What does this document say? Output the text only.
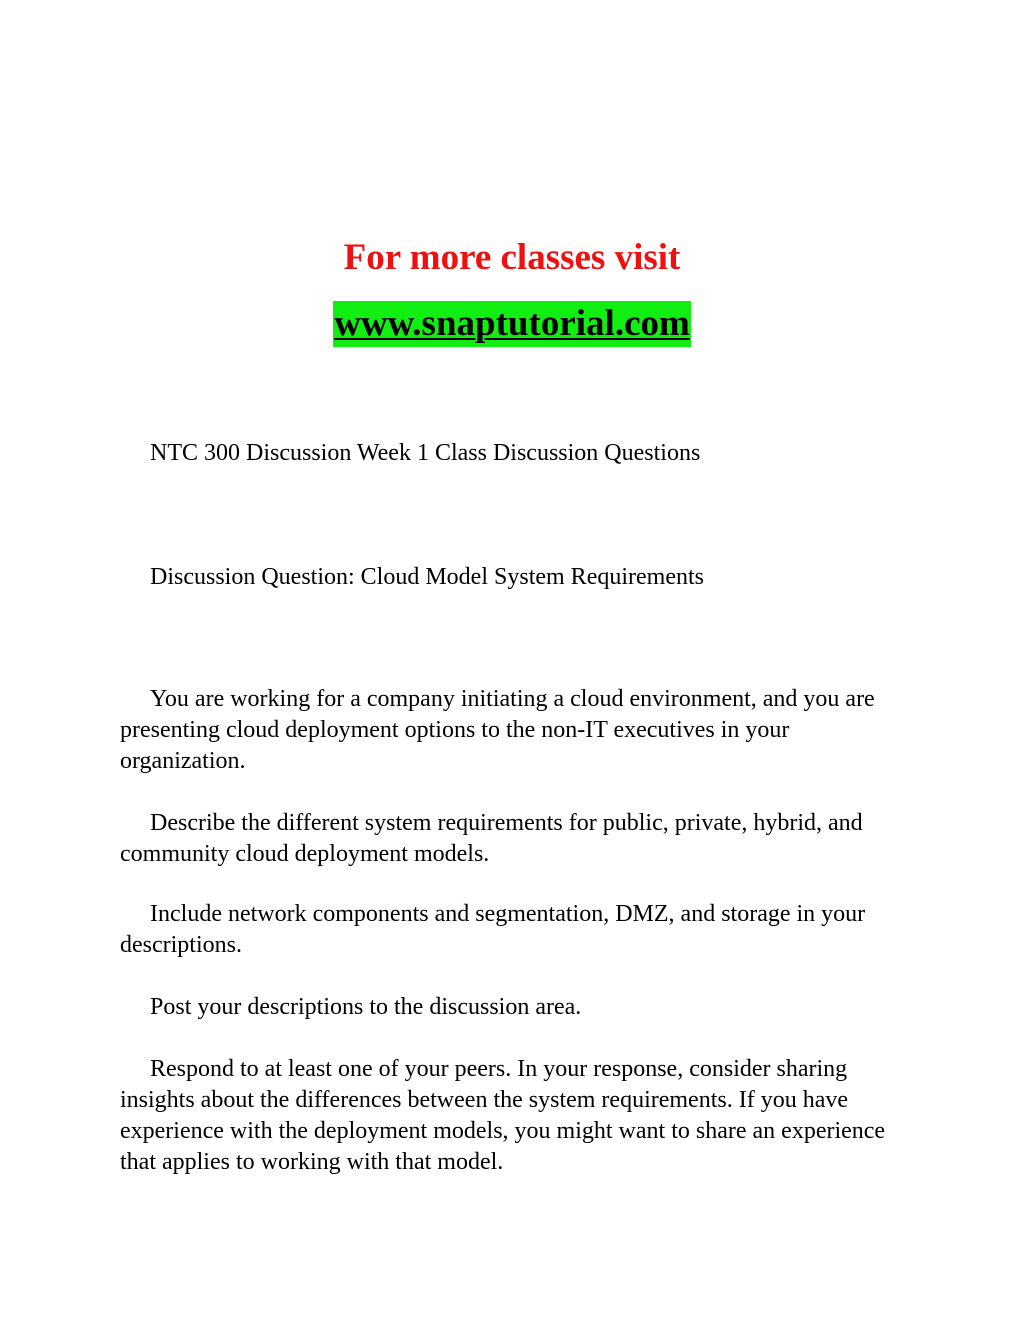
For more classes visit
www.snaptutorial.com

NTC 300 Discussion Week 1 Class Discussion Questions

Discussion Question: Cloud Model System Requirements

You are working for a company initiating a cloud environment, and you are presenting cloud deployment options to the non-IT executives in your organization.

Describe the different system requirements for public, private, hybrid, and community cloud deployment models.

Include network components and segmentation, DMZ, and storage in your descriptions.

Post your descriptions to the discussion area.

Respond to at least one of your peers. In your response, consider sharing insights about the differences between the system requirements. If you have experience with the deployment models, you might want to share an experience that applies to working with that model.
